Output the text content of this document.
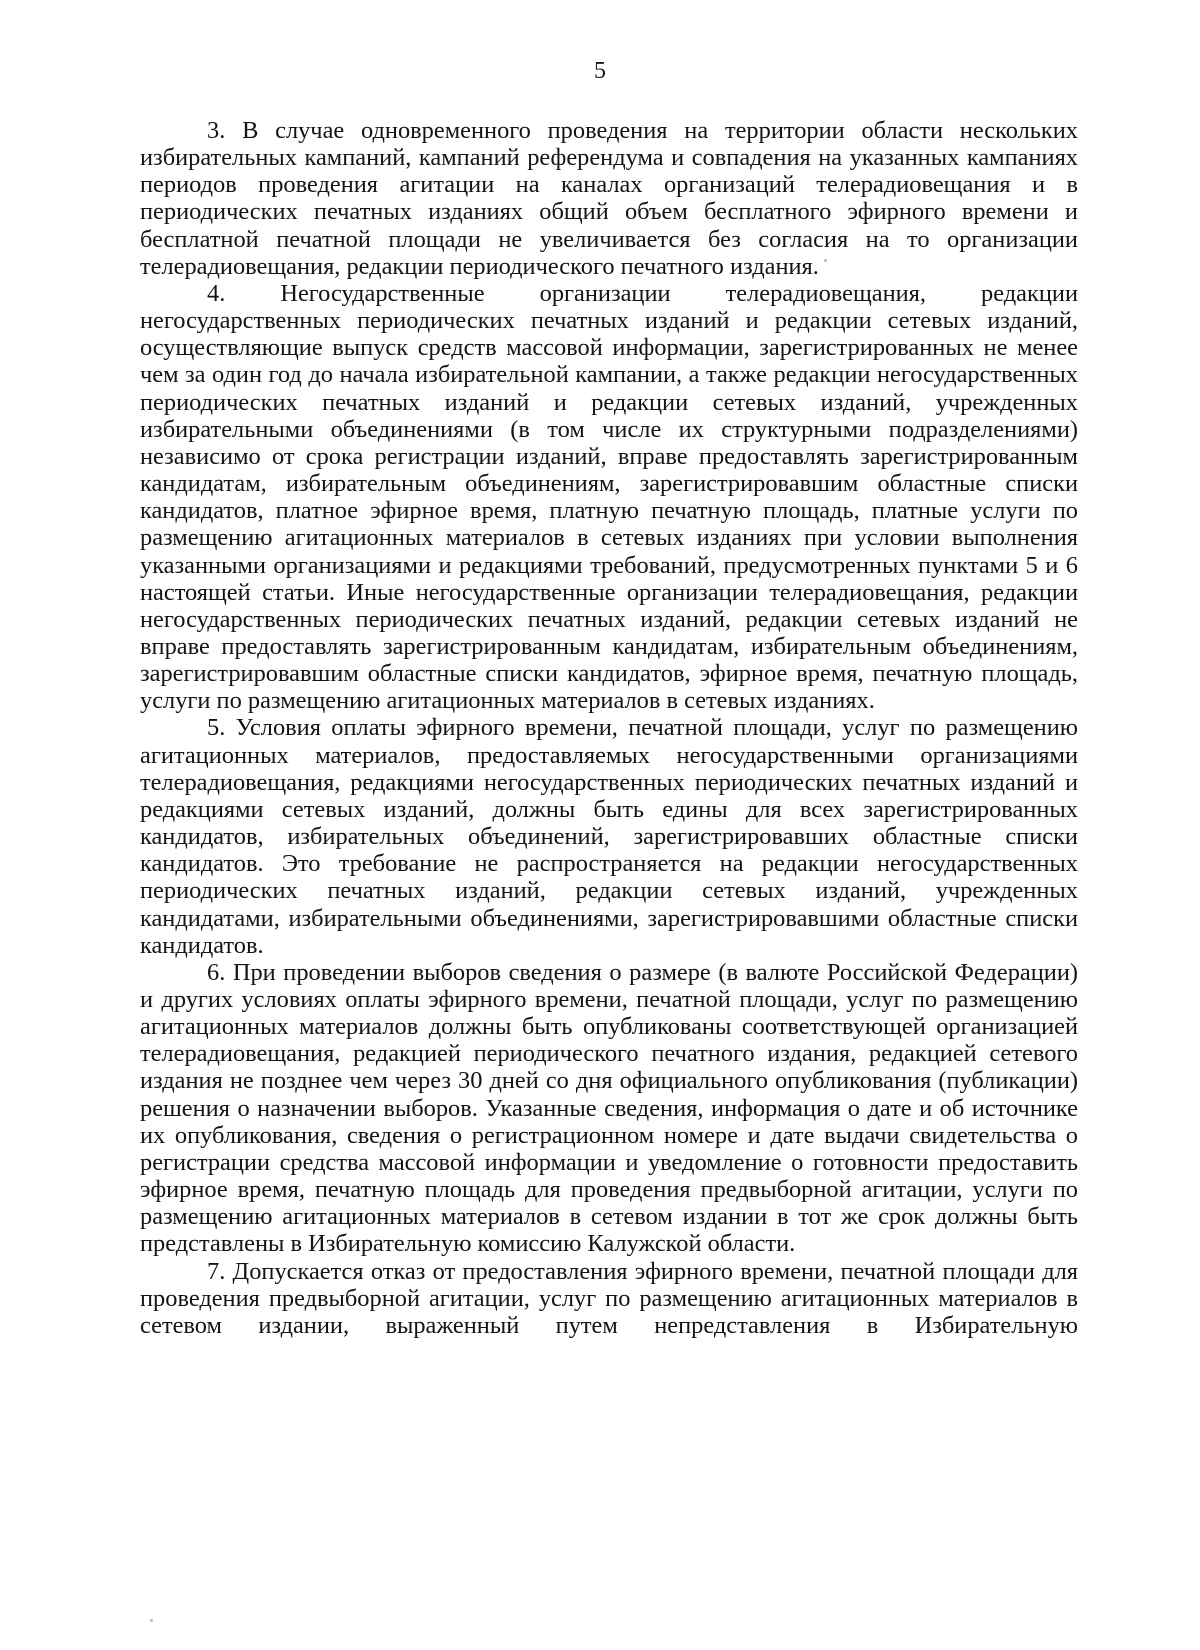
5

3. В случае одновременного проведения на территории области нескольких избирательных кампаний, кампаний референдума и совпадения на указанных кампаниях периодов проведения агитации на каналах организаций телерадиовещания и в периодических печатных изданиях общий объем бесплатного эфирного времени и бесплатной печатной площади не увеличивается без согласия на то организации телерадиовещания, редакции периодического печатного издания.

4. Негосударственные организации телерадиовещания, редакции негосударственных периодических печатных изданий и редакции сетевых изданий, осуществляющие выпуск средств массовой информации, зарегистрированных не менее чем за один год до начала избирательной кампании, а также редакции негосударственных периодических печатных изданий и редакции сетевых изданий, учрежденных избирательными объединениями (в том числе их структурными подразделениями) независимо от срока регистрации изданий, вправе предоставлять зарегистрированным кандидатам, избирательным объединениям, зарегистрировавшим областные списки кандидатов, платное эфирное время, платную печатную площадь, платные услуги по размещению агитационных материалов в сетевых изданиях при условии выполнения указанными организациями и редакциями требований, предусмотренных пунктами 5 и 6 настоящей статьи. Иные негосударственные организации телерадиовещания, редакции негосударственных периодических печатных изданий, редакции сетевых изданий не вправе предоставлять зарегистрированным кандидатам, избирательным объединениям, зарегистрировавшим областные списки кандидатов, эфирное время, печатную площадь, услуги по размещению агитационных материалов в сетевых изданиях.

5. Условия оплаты эфирного времени, печатной площади, услуг по размещению агитационных материалов, предоставляемых негосударственными организациями телерадиовещания, редакциями негосударственных периодических печатных изданий и редакциями сетевых изданий, должны быть едины для всех зарегистрированных кандидатов, избирательных объединений, зарегистрировавших областные списки кандидатов. Это требование не распространяется на редакции негосударственных периодических печатных изданий, редакции сетевых изданий, учрежденных кандидатами, избирательными объединениями, зарегистрировавшими областные списки кандидатов.

6. При проведении выборов сведения о размере (в валюте Российской Федерации) и других условиях оплаты эфирного времени, печатной площади, услуг по размещению агитационных материалов должны быть опубликованы соответствующей организацией телерадиовещания, редакцией периодического печатного издания, редакцией сетевого издания не позднее чем через 30 дней со дня официального опубликования (публикации) решения о назначении выборов. Указанные сведения, информация о дате и об источнике их опубликования, сведения о регистрационном номере и дате выдачи свидетельства о регистрации средства массовой информации и уведомление о готовности предоставить эфирное время, печатную площадь для проведения предвыборной агитации, услуги по размещению агитационных материалов в сетевом издании в тот же срок должны быть представлены в Избирательную комиссию Калужской области.

7. Допускается отказ от предоставления эфирного времени, печатной площади для проведения предвыборной агитации, услуг по размещению агитационных материалов в сетевом издании, выраженный путем непредставления в Избирательную
